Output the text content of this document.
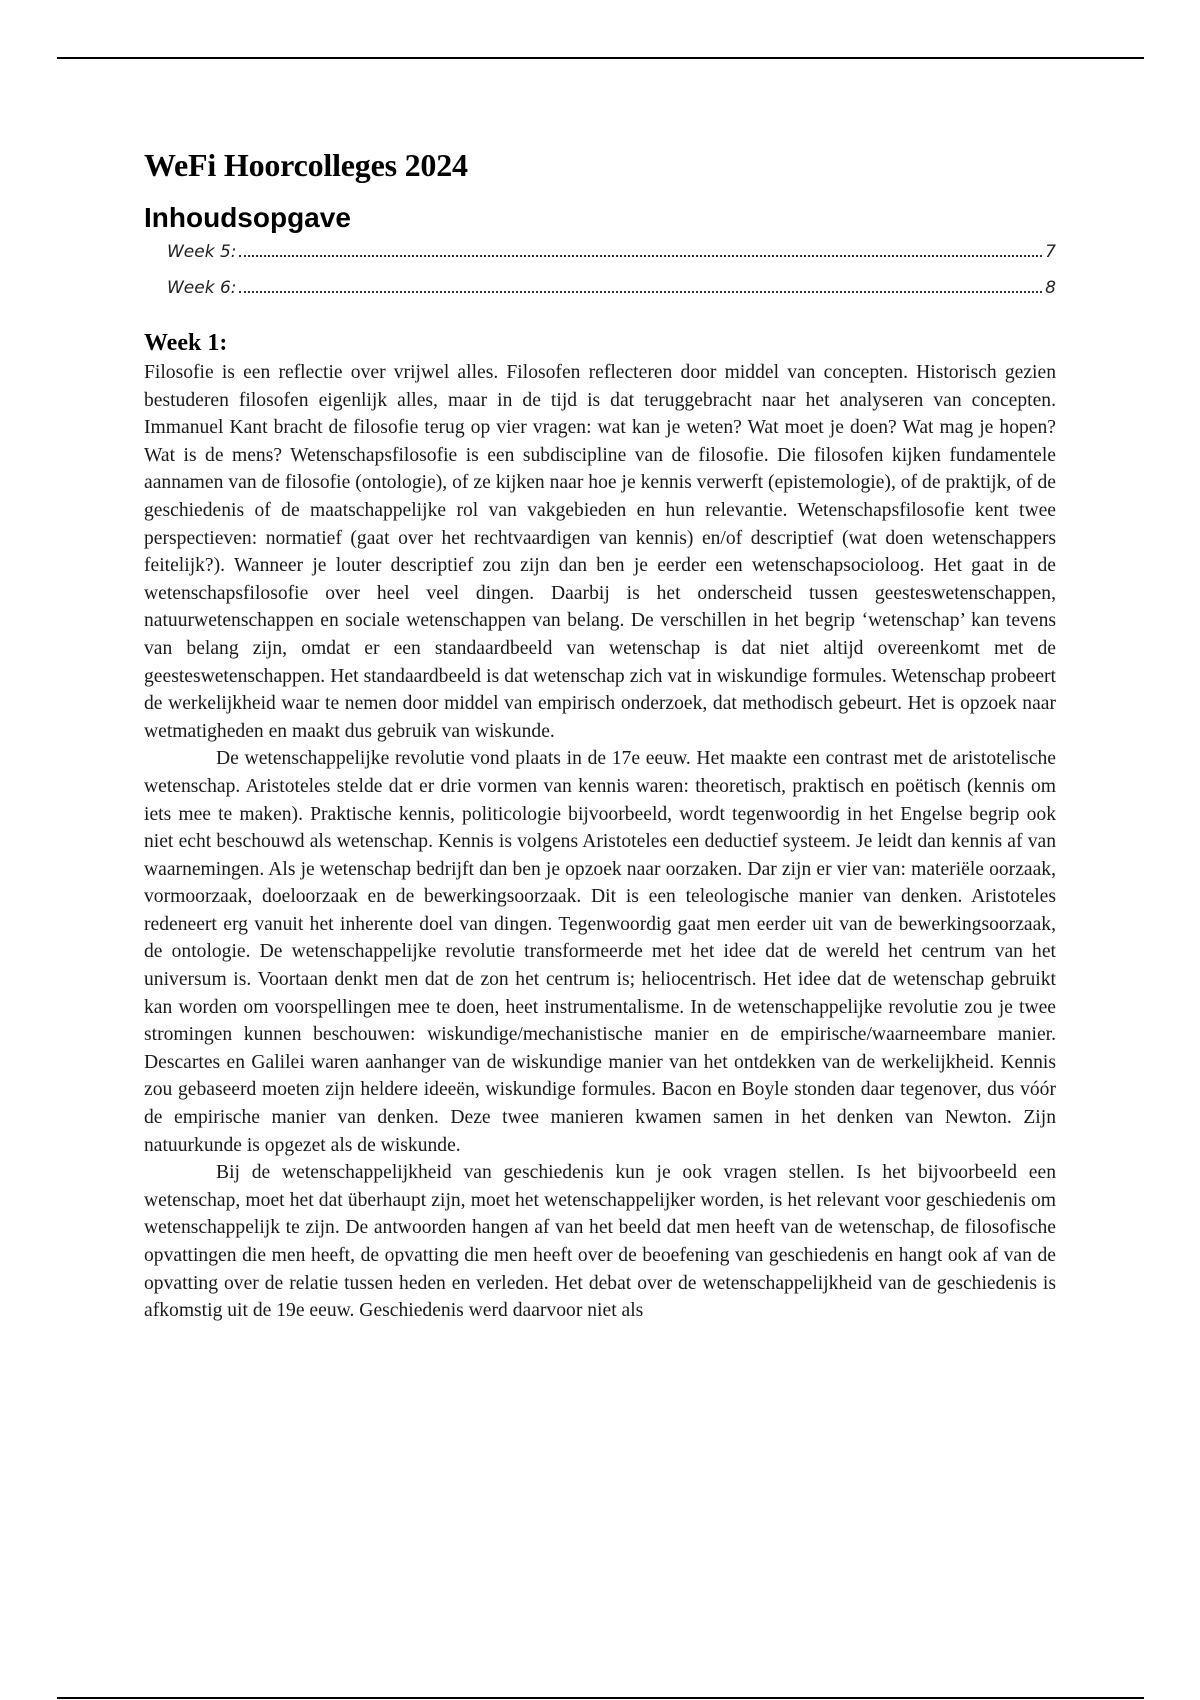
WeFi Hoorcolleges 2024
Inhoudsopgave
Week 5:	7
Week 6:	8
Week 1:

Filosofie is een reflectie over vrijwel alles. Filosofen reflecteren door middel van concepten. Historisch gezien bestuderen filosofen eigenlijk alles, maar in de tijd is dat teruggebracht naar het analyseren van concepten. Immanuel Kant bracht de filosofie terug op vier vragen: wat kan je weten? Wat moet je doen? Wat mag je hopen? Wat is de mens? Wetenschapsfilosofie is een subdiscipline van de filosofie. Die filosofen kijken fundamentele aannamen van de filosofie (ontologie), of ze kijken naar hoe je kennis verwerft (epistemologie), of de praktijk, of de geschiedenis of de maatschappelijke rol van vakgebieden en hun relevantie. Wetenschapsfilosofie kent twee perspectieven: normatief (gaat over het rechtvaardigen van kennis) en/of descriptief (wat doen wetenschappers feitelijk?). Wanneer je louter descriptief zou zijn dan ben je eerder een wetenschapsocioloog. Het gaat in de wetenschapsfilosofie over heel veel dingen. Daarbij is het onderscheid tussen geesteswetenschappen, natuurwetenschappen en sociale wetenschappen van belang. De verschillen in het begrip ‘wetenschap’ kan tevens van belang zijn, omdat er een standaardbeeld van wetenschap is dat niet altijd overeenkomt met de geesteswetenschappen. Het standaardbeeld is dat wetenschap zich vat in wiskundige formules. Wetenschap probeert de werkelijkheid waar te nemen door middel van empirisch onderzoek, dat methodisch gebeurt. Het is opzoek naar wetmatigheden en maakt dus gebruik van wiskunde.

De wetenschappelijke revolutie vond plaats in de 17e eeuw. Het maakte een contrast met de aristotelische wetenschap. Aristoteles stelde dat er drie vormen van kennis waren: theoretisch, praktisch en poëtisch (kennis om iets mee te maken). Praktische kennis, politicologie bijvoorbeeld, wordt tegenwoordig in het Engelse begrip ook niet echt beschouwd als wetenschap. Kennis is volgens Aristoteles een deductief systeem. Je leidt dan kennis af van waarnemingen. Als je wetenschap bedrijft dan ben je opzoek naar oorzaken. Dar zijn er vier van: materiële oorzaak, vormoorzaak, doeloorzaak en de bewerkingsoorzaak. Dit is een teleologische manier van denken. Aristoteles redeneert erg vanuit het inherente doel van dingen. Tegenwoordig gaat men eerder uit van de bewerkingsoorzaak, de ontologie. De wetenschappelijke revolutie transformeerde met het idee dat de wereld het centrum van het universum is. Voortaan denkt men dat de zon het centrum is; heliocentrisch. Het idee dat de wetenschap gebruikt kan worden om voorspellingen mee te doen, heet instrumentalisme. In de wetenschappelijke revolutie zou je twee stromingen kunnen beschouwen: wiskundige/mechanistische manier en de empirische/waarneembare manier. Descartes en Galilei waren aanhanger van de wiskundige manier van het ontdekken van de werkelijkheid. Kennis zou gebaseerd moeten zijn heldere ideeën, wiskundige formules. Bacon en Boyle stonden daar tegenover, dus vóór de empirische manier van denken. Deze twee manieren kwamen samen in het denken van Newton. Zijn natuurkunde is opgezet als de wiskunde.

Bij de wetenschappelijkheid van geschiedenis kun je ook vragen stellen. Is het bijvoorbeeld een wetenschap, moet het dat überhaupt zijn, moet het wetenschappelijker worden, is het relevant voor geschiedenis om wetenschappelijk te zijn. De antwoorden hangen af van het beeld dat men heeft van de wetenschap, de filosofische opvattingen die men heeft, de opvatting die men heeft over de beoefening van geschiedenis en hangt ook af van de opvatting over de relatie tussen heden en verleden. Het debat over de wetenschappelijkheid van de geschiedenis is afkomstig uit de 19e eeuw. Geschiedenis werd daarvoor niet als
